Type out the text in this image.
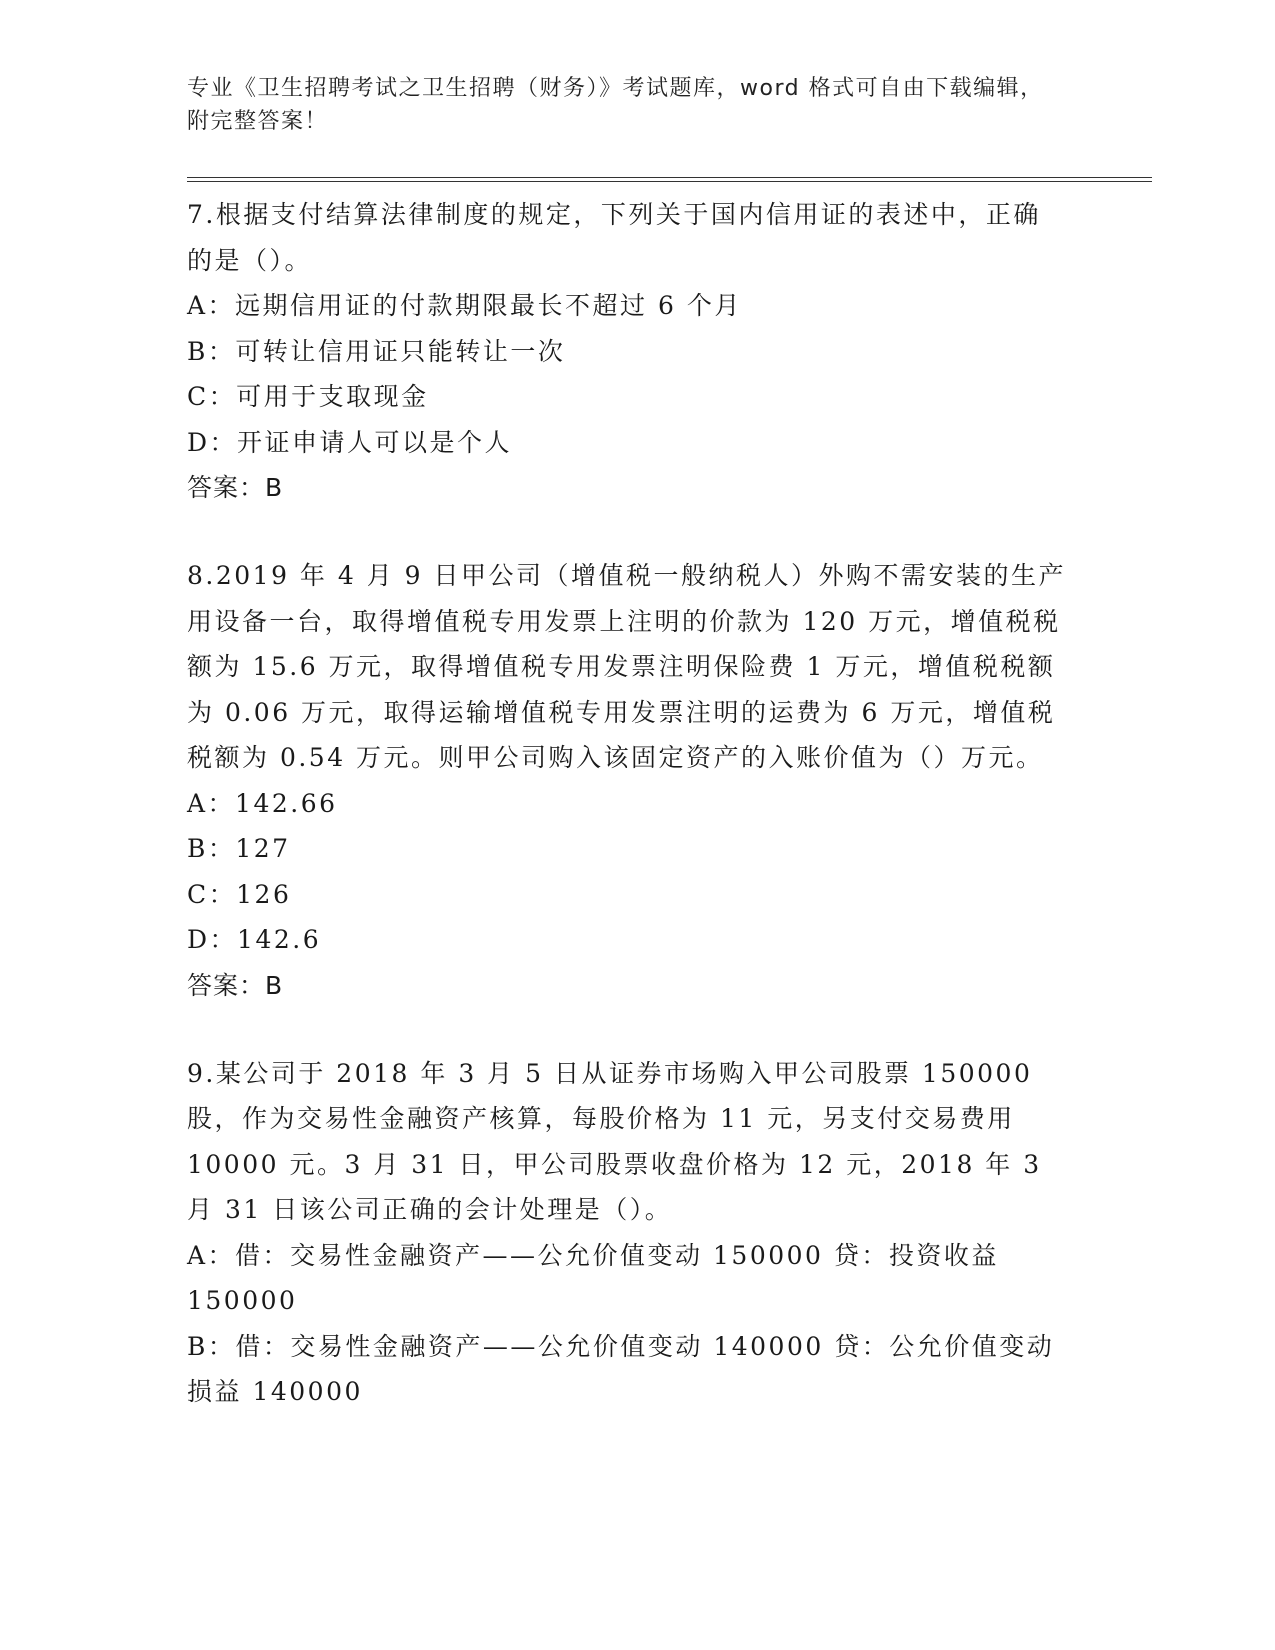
专业《卫生招聘考试之卫生招聘（财务）》考试题库，word 格式可自由下载编辑，附完整答案！

7.根据支付结算法律制度的规定，下列关于国内信用证的表述中，正确的是（）。

A：远期信用证的付款期限最长不超过 6 个月

B：可转让信用证只能转让一次

C：可用于支取现金

D：开证申请人可以是个人

答案：B

8.2019 年 4 月 9 日甲公司（增值税一般纳税人）外购不需安装的生产用设备一台，取得增值税专用发票上注明的价款为 120 万元，增值税税额为 15.6 万元，取得增值税专用发票注明保险费 1 万元，增值税税额为 0.06 万元，取得运输增值税专用发票注明的运费为 6 万元，增值税税额为 0.54 万元。则甲公司购入该固定资产的入账价值为（）万元。

A：142.66

B：127

C：126

D：142.6

答案：B

9.某公司于 2018 年 3 月 5 日从证券市场购入甲公司股票 150000 股，作为交易性金融资产核算，每股价格为 11 元，另支付交易费用 10000 元。3 月 31 日，甲公司股票收盘价格为 12 元，2018 年 3 月 31 日该公司正确的会计处理是（）。

A：借：交易性金融资产——公允价值变动 150000 贷：投资收益 150000

B：借：交易性金融资产——公允价值变动 140000 贷：公允价值变动损益 140000
